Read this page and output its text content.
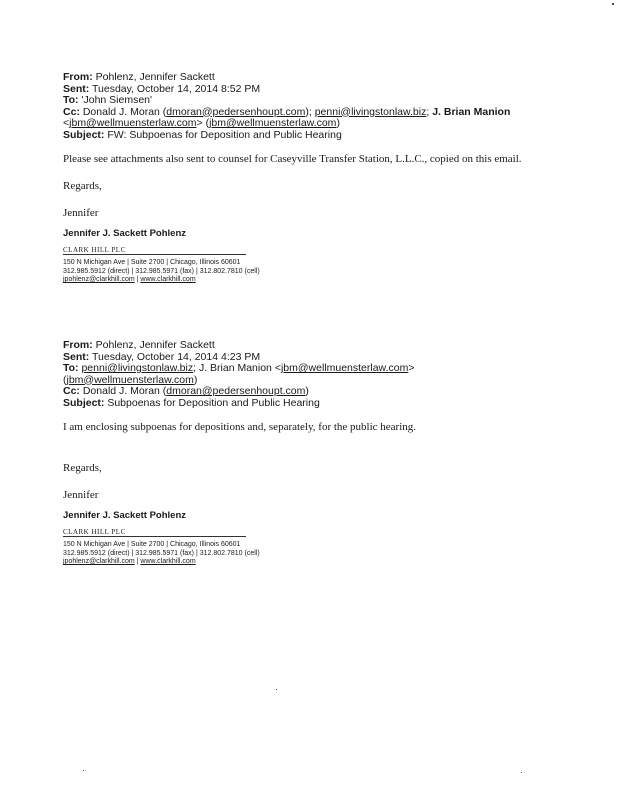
From: Pohlenz, Jennifer Sackett
Sent: Tuesday, October 14, 2014 8:52 PM
To: 'John Siemsen'
Cc: Donald J. Moran (dmoran@pedersenhoupt.com); penni@livingstonlaw.biz; J. Brian Manion
<jbm@wellmuensterlaw.com> (jbm@wellmuensterlaw.com)
Subject: FW: Subpoenas for Deposition and Public Hearing

Please see attachments also sent to counsel for Caseyville Transfer Station, L.L.C., copied on this email.

Regards,

Jennifer

Jennifer J. Sackett Pohlenz
CLARK HILL PLC
150 N Michigan Ave | Suite 2700 | Chicago, Illinois 60601
312.985.5912 (direct) | 312.985.5971 (fax) | 312.802.7810 (cell)
jpohlenz@clarkhill.com | www.clarkhill.com
From: Pohlenz, Jennifer Sackett
Sent: Tuesday, October 14, 2014 4:23 PM
To: penni@livingstonlaw.biz; J. Brian Manion <jbm@wellmuensterlaw.com>
(jbm@wellmuensterlaw.com)
Cc: Donald J. Moran (dmoran@pedersenhoupt.com)
Subject: Subpoenas for Deposition and Public Hearing

I am enclosing subpoenas for depositions and, separately, for the public hearing.

Regards,

Jennifer

Jennifer J. Sackett Pohlenz
CLARK HILL PLC
150 N Michigan Ave | Suite 2700 | Chicago, Illinois 60601
312.985.5912 (direct) | 312.985.5971 (fax) | 312.802.7810 (cell)
jpohlenz@clarkhill.com | www.clarkhill.com
